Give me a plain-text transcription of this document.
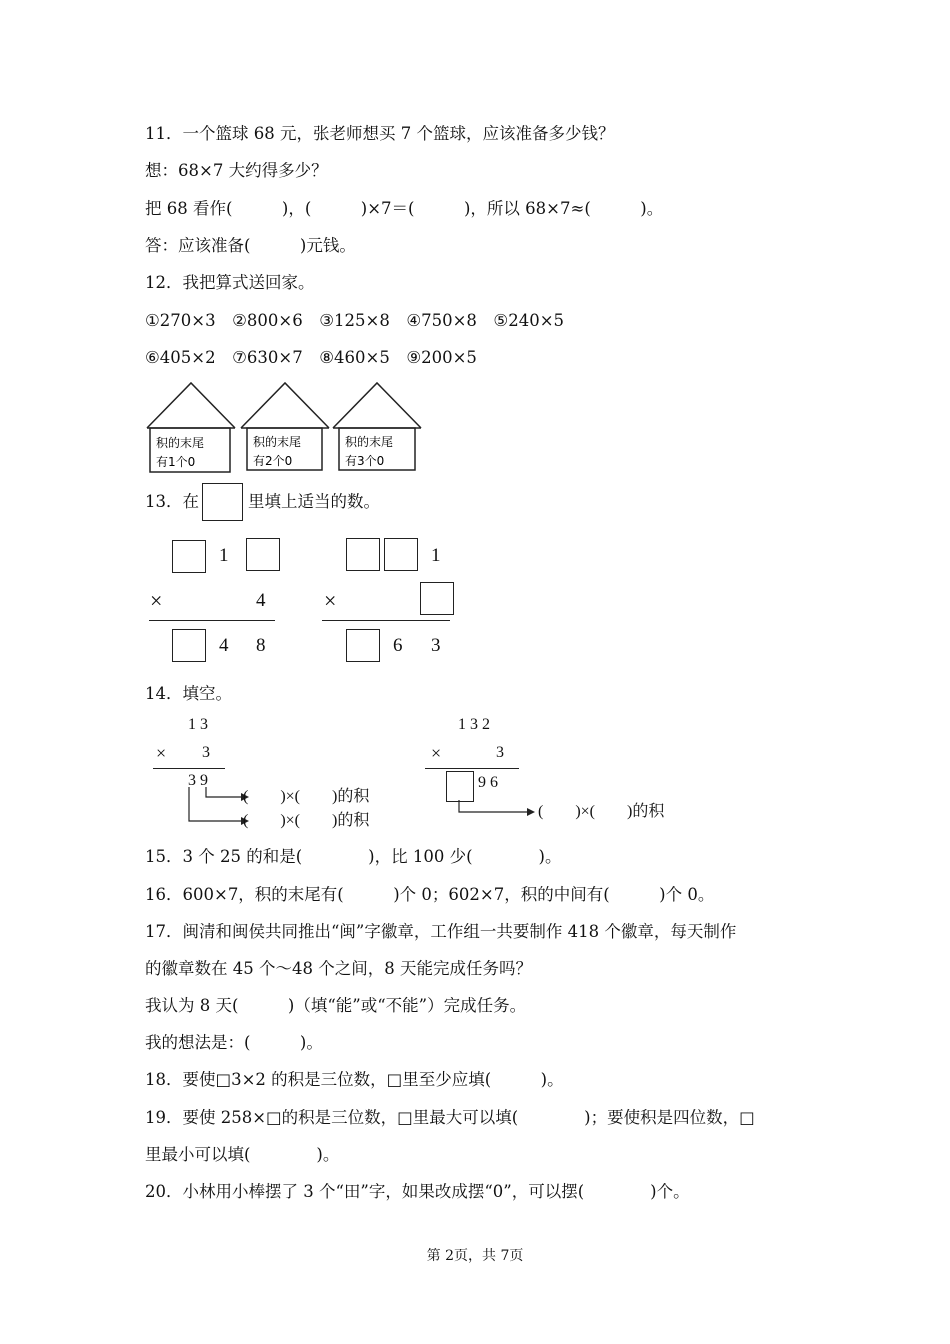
11．一个篮球 68 元，张老师想买 7 个篮球，应该准备多少钱？
想：68×7 大约得多少？
把 68 看作(　　　)，(　　　)×7＝(　　　)，所以 68×7≈(　　　)。
答：应该准备(　　　)元钱。
12．我把算式送回家。
①270×3　②800×6　③125×8　④750×8　⑤240×5
⑥405×2　⑦630×7　⑧460×5　⑨200×5
积的末尾
有1个0
积的末尾
有2个0
积的末尾
有3个0
13．在	里填上适当的数。
1
×	4
4 8
1
×
6 3
14．填空。
1 3
× 3
3 9
(　　)×(　　)的积
(　　)×(　　)的积
1 3 2
×	3
9 6
(　　)×(　　)的积
15．3 个 25 的和是(　　　　)，比 100 少(　　　　)。
16．600×7，积的末尾有(　　　)个 0；602×7，积的中间有(　　　)个 0。
17．闽清和闽侯共同推出“闽”字徽章，工作组一共要制作 418 个徽章，每天制作
的徽章数在 45 个～48 个之间，8 天能完成任务吗？
我认为 8 天(　　　)（填“能”或“不能”）完成任务。
我的想法是：(　　　)。
18．要使□3×2 的积是三位数，□里至少应填(　　　)。
19．要使 258×□的积是三位数，□里最大可以填(　　　　)；要使积是四位数，□
里最小可以填(　　　　)。
20．小林用小棒摆了 3 个“田”字，如果改成摆“0”，可以摆(　　　　)个。
第 2页，共 7页
